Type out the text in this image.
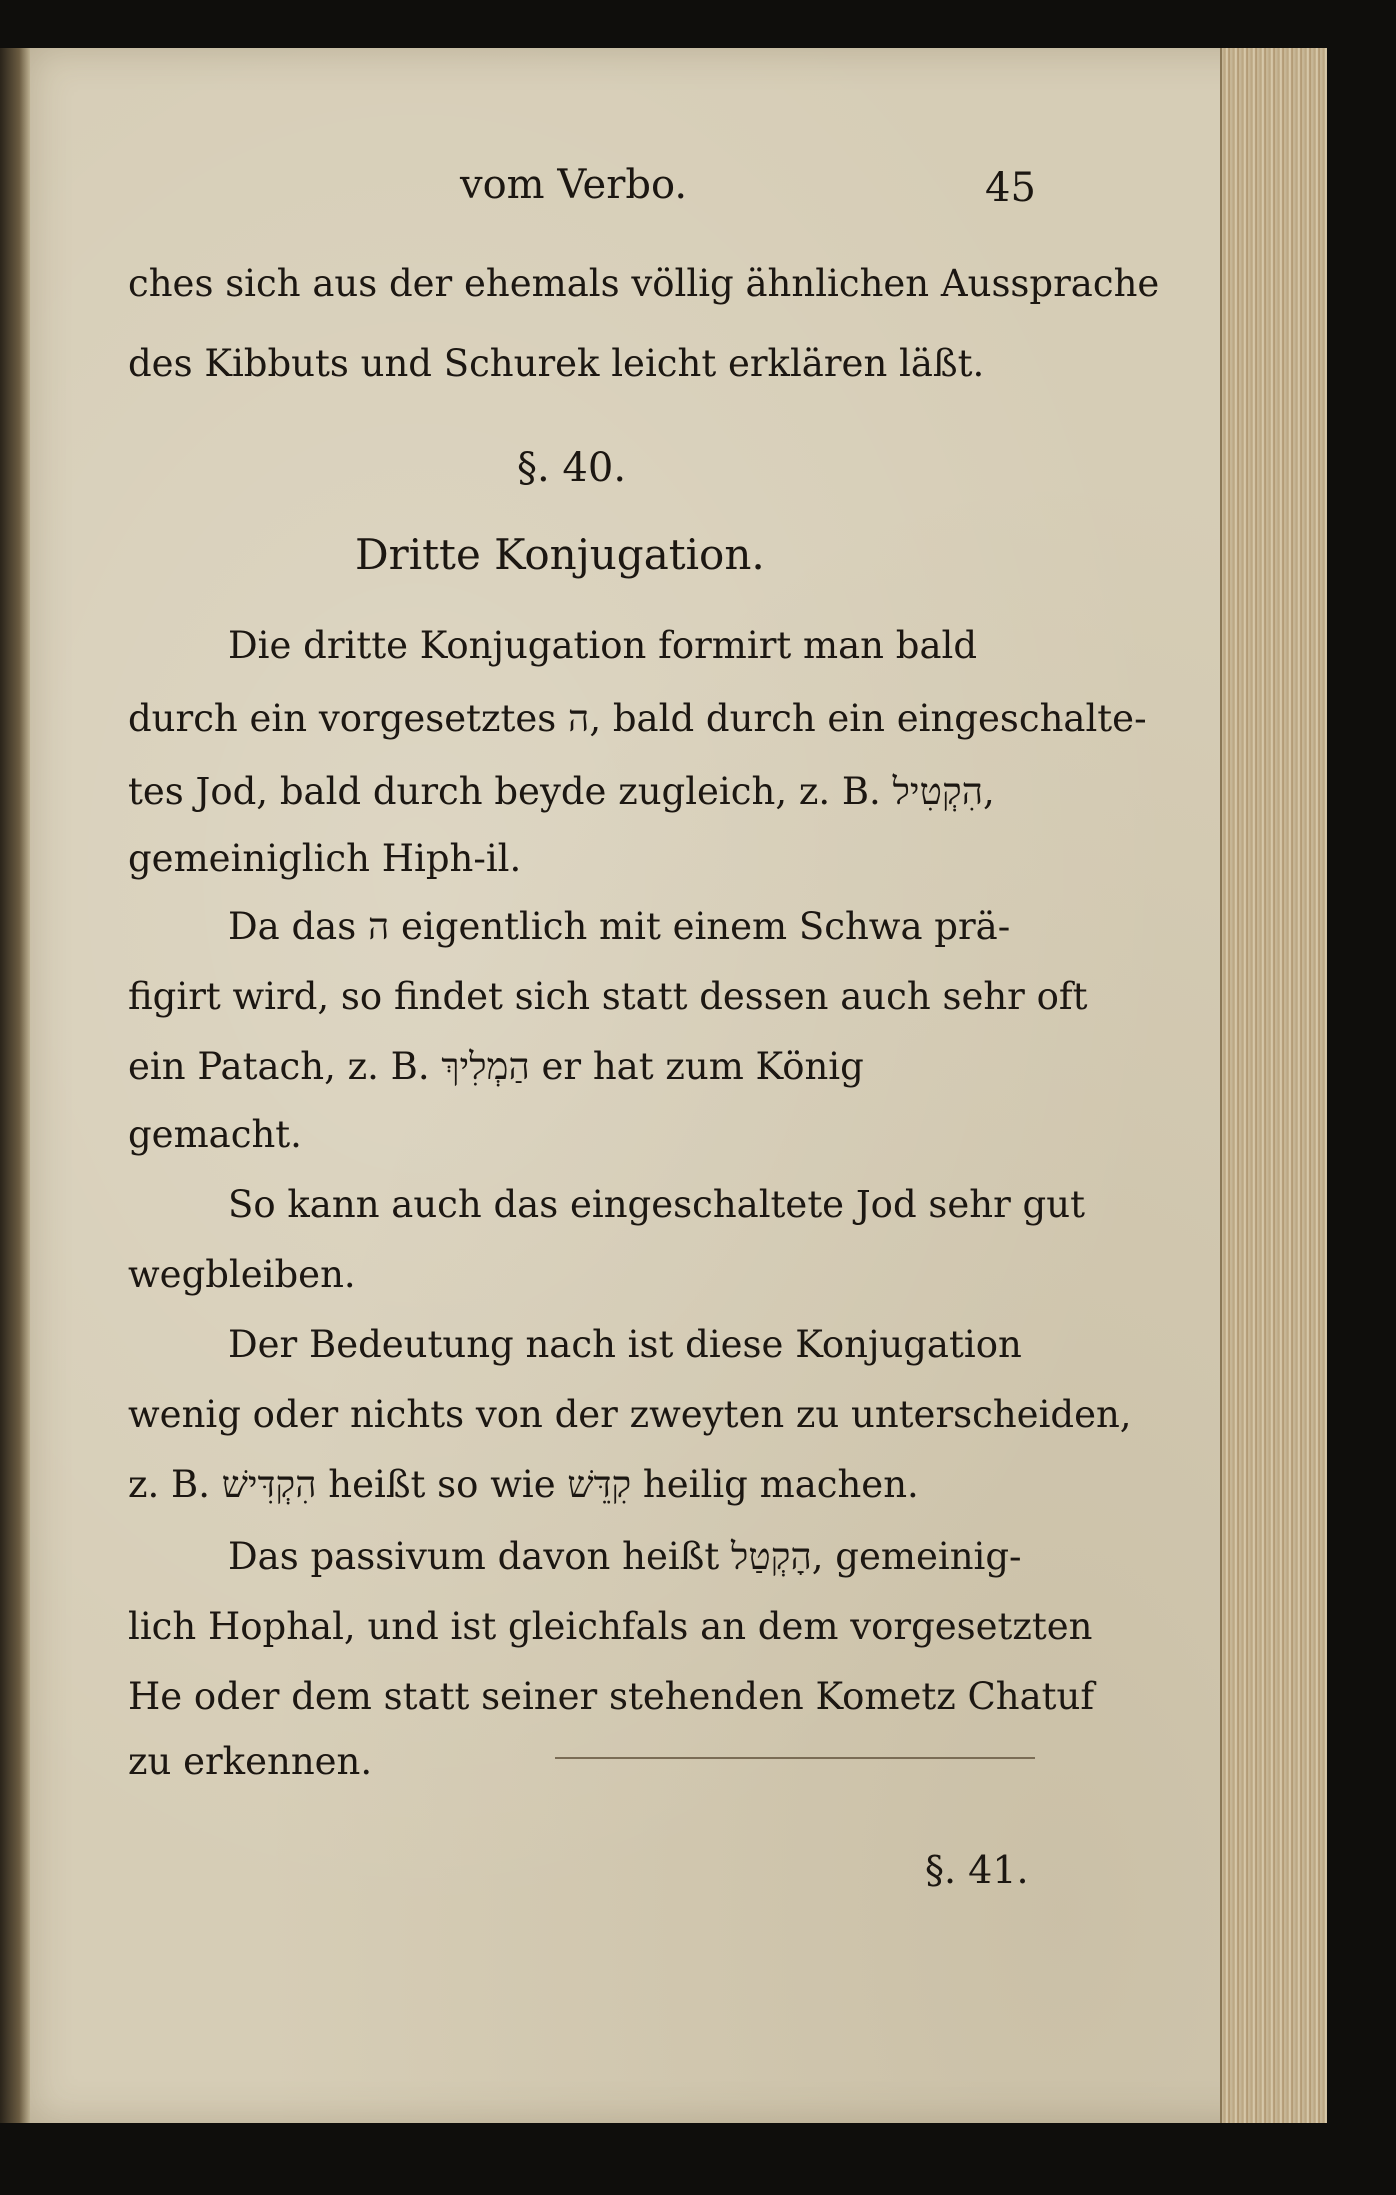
vom Verbo.	45
ches sich aus der ehemals völlig ähnlichen Aussprache
des Kibbuts und Schurek leicht erklären läßt.
Die dritte Konjugation formirt man bald
durch ein vorgesetztes ה, bald durch ein eingeschalte-
tes Jod, bald durch beyde zugleich, z. B. הִקְטִיל,
gemeiniglich Hiph-il.
Da das ה eigentlich mit einem Schwa prä-
figirt wird, so findet sich statt dessen auch sehr oft
ein Patach, z. B. הַמְלִיךְ er hat zum König
gemacht.
So kann auch das eingeschaltete Jod sehr gut
wegbleiben.
Der Bedeutung nach ist diese Konjugation
wenig oder nichts von der zweyten zu unterscheiden,
z. B. הִקְדִּישׁ heißt so wie קִדֵּשׁ heilig machen.
Das passivum davon heißt הָקְטַל, gemeinig-
lich Hophal, und ist gleichfals an dem vorgesetzten
He oder dem statt seiner stehenden Kometz Chatuf
zu erkennen.
§. 40.
Dritte Konjugation.
§. 41.
